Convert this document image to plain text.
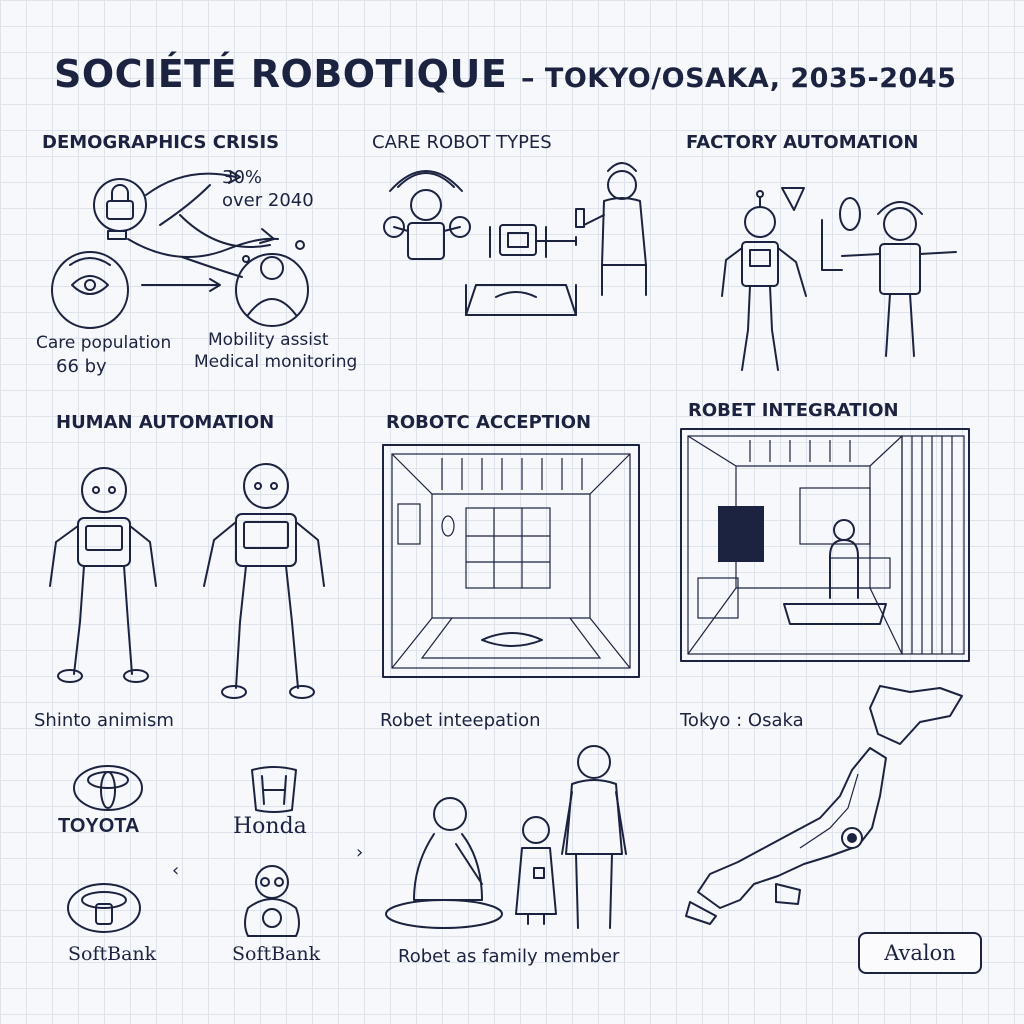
SOCIÉTÉ ROBOTIQUE – TOKYO/OSAKA, 2035-2045
DEMOGRAPHICS CRISIS
30%
over 2040
Care population
66 by
Mobility assist
Medical monitoring
CARE ROBOT TYPES	FACTORY AUTOMATION
HUMAN AUTOMATION
Shinto animism
ROBOTC ACCEPTION
Robet inteepation
ROBET INTEGRATION
Tokyo : Osaka
TOYOTA	Honda
‹
›
SoftBank	SoftBank	Robet as family member	Avalon
